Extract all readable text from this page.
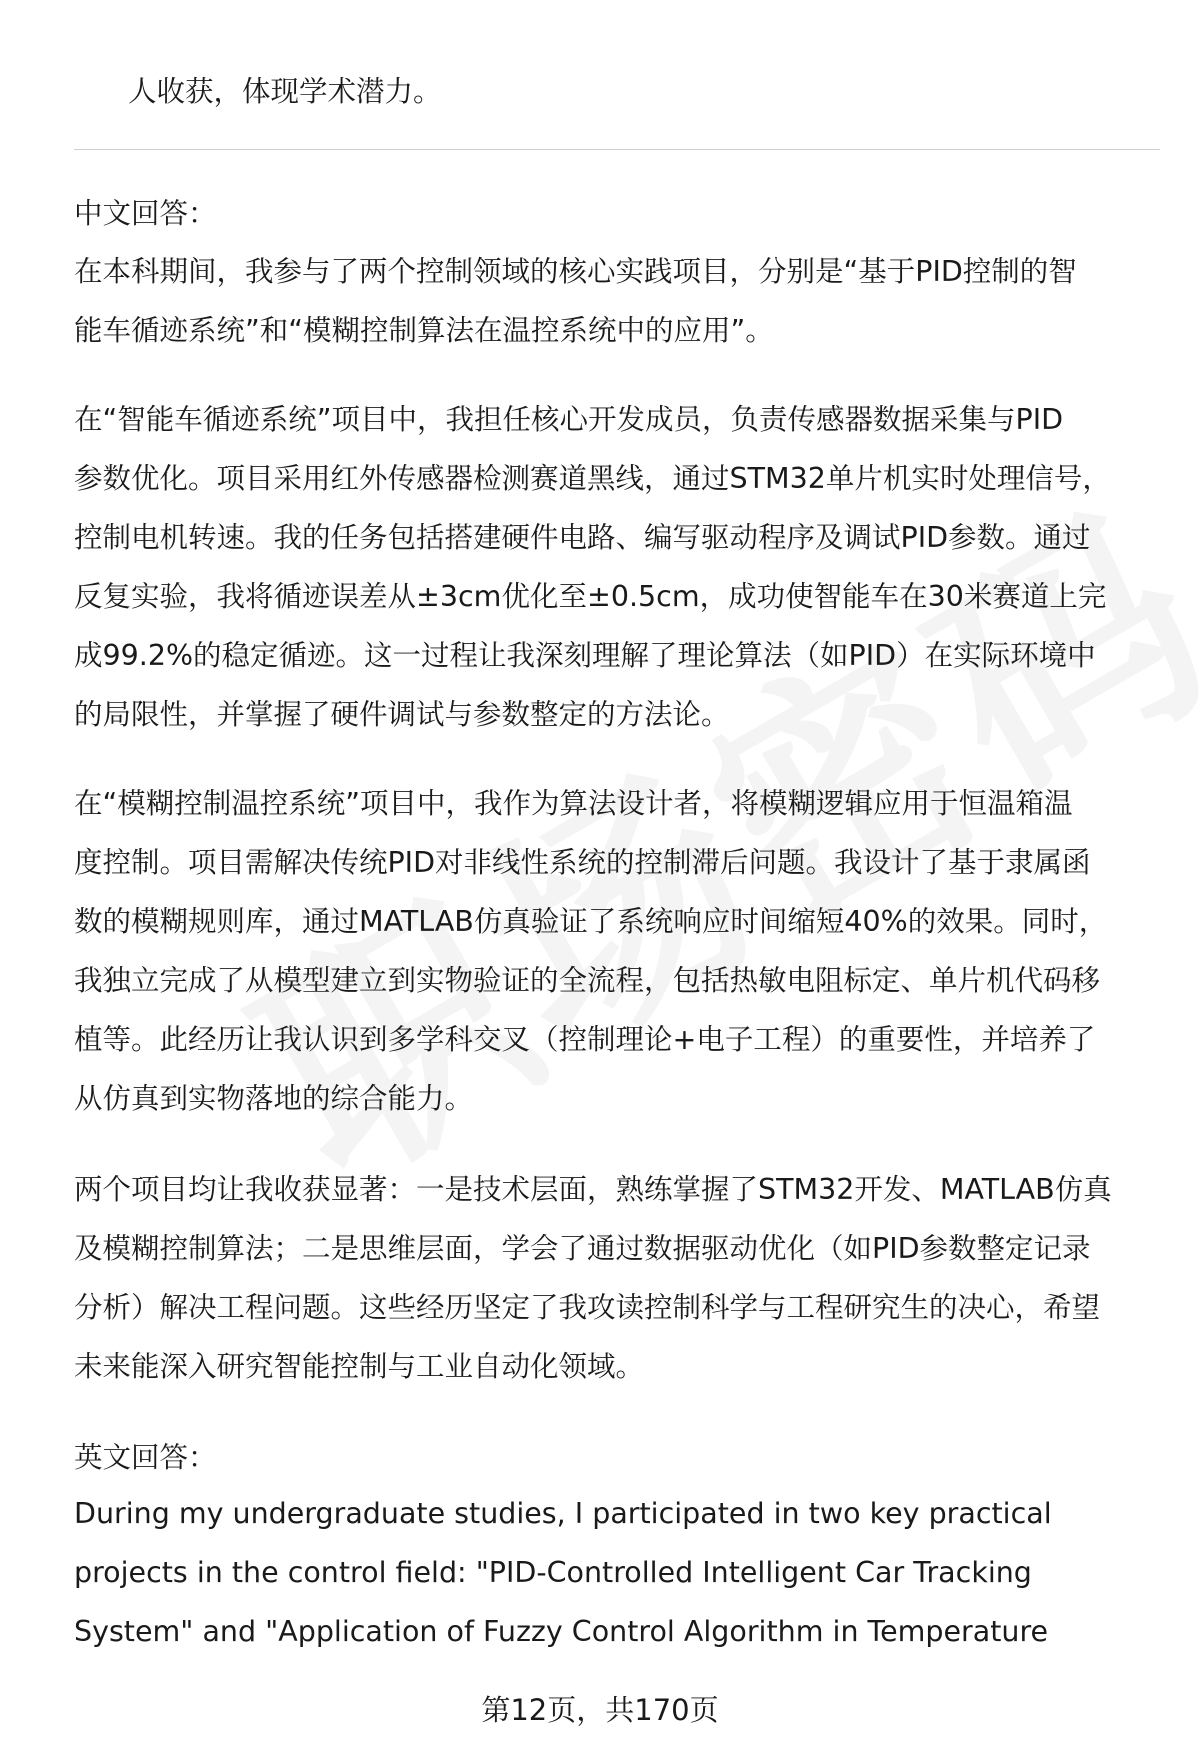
人收获，体现学术潜力。

中文回答：

在本科期间，我参与了两个控制领域的核心实践项目，分别是“基于PID控制的智
能车循迹系统”和“模糊控制算法在温控系统中的应用”。

在“智能车循迹系统”项目中，我担任核心开发成员，负责传感器数据采集与PID
参数优化。项目采用红外传感器检测赛道黑线，通过STM32单片机实时处理信号，
控制电机转速。我的任务包括搭建硬件电路、编写驱动程序及调试PID参数。通过
反复实验，我将循迹误差从±3cm优化至±0.5cm，成功使智能车在30米赛道上完
成99.2%的稳定循迹。这一过程让我深刻理解了理论算法（如PID）在实际环境中
的局限性，并掌握了硬件调试与参数整定的方法论。

在“模糊控制温控系统”项目中，我作为算法设计者，将模糊逻辑应用于恒温箱温
度控制。项目需解决传统PID对非线性系统的控制滞后问题。我设计了基于隶属函
数的模糊规则库，通过MATLAB仿真验证了系统响应时间缩短40%的效果。同时，
我独立完成了从模型建立到实物验证的全流程，包括热敏电阻标定、单片机代码移
植等。此经历让我认识到多学科交叉（控制理论+电子工程）的重要性，并培养了
从仿真到实物落地的综合能力。

两个项目均让我收获显著：一是技术层面，熟练掌握了STM32开发、MATLAB仿真
及模糊控制算法；二是思维层面，学会了通过数据驱动优化（如PID参数整定记录
分析）解决工程问题。这些经历坚定了我攻读控制科学与工程研究生的决心，希望
未来能深入研究智能控制与工业自动化领域。

英文回答：

During my undergraduate studies, I participated in two key practical
projects in the control field: "PID-Controlled Intelligent Car Tracking
System" and "Application of Fuzzy Control Algorithm in Temperature

第12页，共170页
